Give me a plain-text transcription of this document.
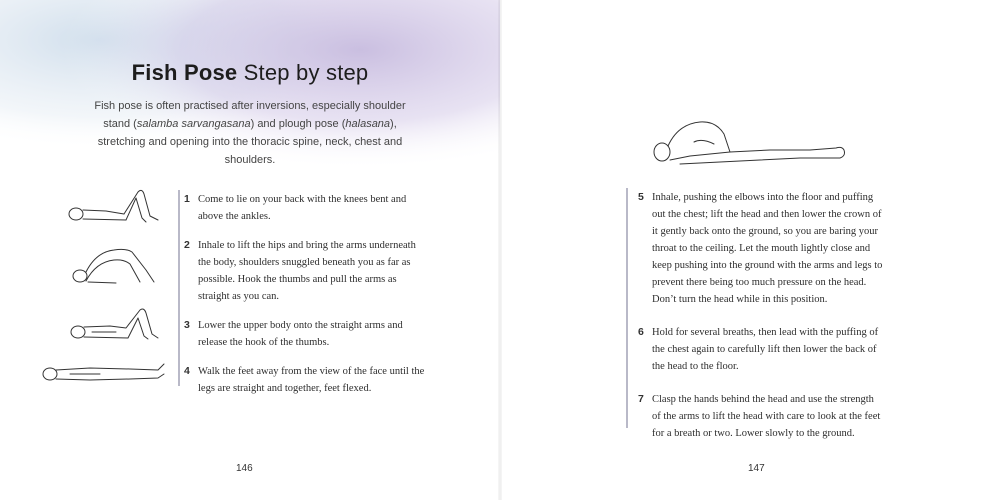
Fish Pose Step by step
Fish pose is often practised after inversions, especially shoulder stand (salamba sarvangasana) and plough pose (halasana), stretching and opening into the thoracic spine, neck, chest and shoulders.
1 Come to lie on your back with the knees bent and above the ankles.
2 Inhale to lift the hips and bring the arms underneath the body, shoulders snuggled beneath you as far as possible. Hook the thumbs and pull the arms as straight as you can.
3 Lower the upper body onto the straight arms and release the hook of the thumbs.
4 Walk the feet away from the view of the face until the legs are straight and together, feet flexed.
146
5 Inhale, pushing the elbows into the floor and puffing out the chest; lift the head and then lower the crown of it gently back onto the ground, so you are baring your throat to the ceiling. Let the mouth lightly close and keep pushing into the ground with the arms and legs to prevent there being too much pressure on the head. Don’t turn the head while in this position.
6 Hold for several breaths, then lead with the puffing of the chest again to carefully lift then lower the back of the head to the floor.
7 Clasp the hands behind the head and use the strength of the arms to lift the head with care to look at the feet for a breath or two. Lower slowly to the ground.
147
